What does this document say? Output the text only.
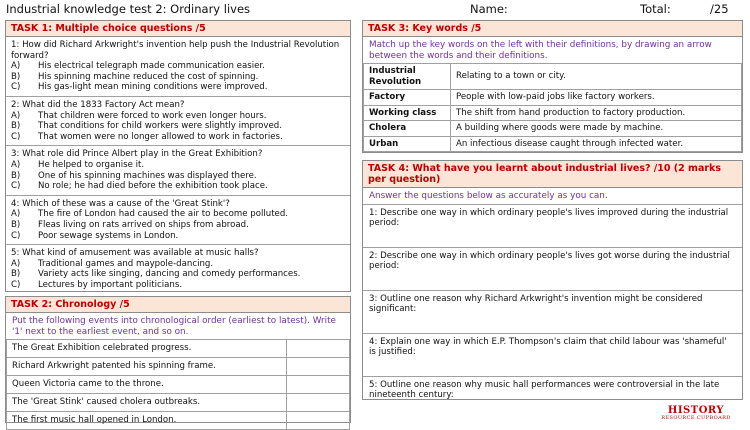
Industrial knowledge test 2: Ordinary lives	Name:	Total:	/25
TASK 1: Multiple choice questions /5
1: How did Richard Arkwright's invention help push the Industrial Revolution forward?
A)	His electrical telegraph made communication easier.
B)	His spinning machine reduced the cost of spinning.
C)	His gas-light mean mining conditions were improved.
2: What did the 1833 Factory Act mean?
A)	That children were forced to work even longer hours.
B)	That conditions for child workers were slightly improved.
C)	That women were no longer allowed to work in factories.
3: What role did Prince Albert play in the Great Exhibition?
A)	He helped to organise it.
B)	One of his spinning machines was displayed there.
C)	No role; he had died before the exhibition took place.
4: Which of these was a cause of the 'Great Stink'?
A)	The fire of London had caused the air to become polluted.
B)	Fleas living on rats arrived on ships from abroad.
C)	Poor sewage systems in London.
5: What kind of amusement was available at music halls?
A)	Traditional games and maypole-dancing.
B)	Variety acts like singing, dancing and comedy performances.
C)	Lectures by important politicians.
TASK 2: Chronology /5
Put the following events into chronological order (earliest to latest). Write '1' next to the earliest event, and so on.
The Great Exhibition celebrated progress.	
Richard Arkwright patented his spinning frame.	
Queen Victoria came to the throne.	
The 'Great Stink' caused cholera outbreaks.	
The first music hall opened in London.	
TASK 3: Key words /5
Match up the key words on the left with their definitions, by drawing an arrow between the words and their definitions.
Industrial Revolution	Relating to a town or city.
Factory	People with low-paid jobs like factory workers.
Working class	The shift from hand production to factory production.
Cholera	A building where goods were made by machine.
Urban	An infectious disease caught through infected water.
TASK 4: What have you learnt about industrial lives? /10 (2 marks per question)
Answer the questions below as accurately as you can.
1: Describe one way in which ordinary people's lives improved during the industrial period:
2: Describe one way in which ordinary people's lives got worse during the industrial period:
3: Outline one reason why Richard Arkwright's invention might be considered significant:
4: Explain one way in which E.P. Thompson's claim that child labour was 'shameful' is justified:
5: Outline one reason why music hall performances were controversial in the late nineteenth century:
HISTORY
RESOURCE CUPBOARD
